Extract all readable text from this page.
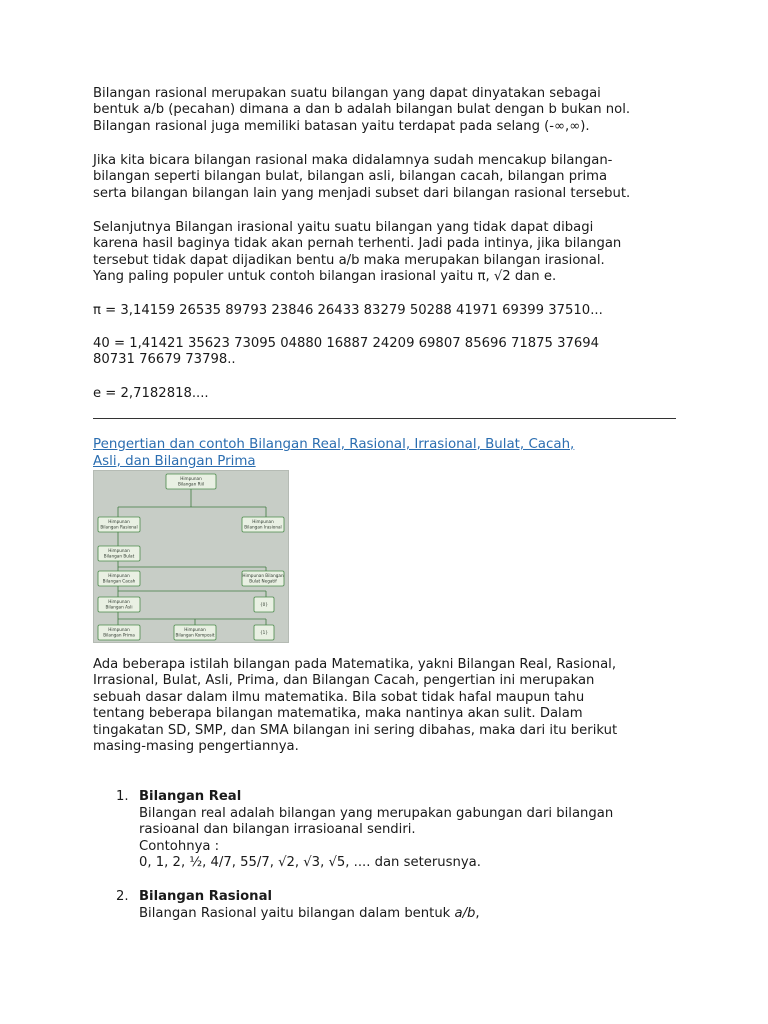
Bilangan rasional merupakan suatu bilangan yang dapat dinyatakan sebagai
bentuk a/b (pecahan) dimana a dan b adalah bilangan bulat dengan b bukan nol.
Bilangan rasional juga memiliki batasan yaitu terdapat pada selang (-∞,∞).

Jika kita bicara bilangan rasional maka didalamnya sudah mencakup bilangan-
bilangan seperti bilangan bulat, bilangan asli, bilangan cacah, bilangan prima
serta bilangan bilangan lain yang menjadi subset dari bilangan rasional tersebut.

Selanjutnya Bilangan irasional yaitu suatu bilangan yang tidak dapat dibagi
karena hasil baginya tidak akan pernah terhenti. Jadi pada intinya, jika bilangan
tersebut tidak dapat dijadikan bentu a/b maka merupakan bilangan irasional.
Yang paling populer untuk contoh bilangan irasional yaitu π, √2 dan e.

π = 3,14159 26535 89793 23846 26433 83279 50288 41971 69399 37510...

40 = 1,41421 35623 73095 04880 16887 24209 69807 85696 71875 37694
80731 76679 73798..

e = 2,7182818....

Pengertian dan contoh Bilangan Real, Rasional, Irrasional, Bulat, Cacah,
Asli, dan Bilangan Prima
Himpunan
Bilangan Riil
Himpunan
Bilangan Rasional
Himpunan
Bilangan Irasional
Himpunan
Bilangan Bulat
Himpunan
Bilangan Cacah
Himpunan Bilangan
Bulat Negatif
Himpunan
Bilangan Asli	{0}
Himpunan
Bilangan Prima
Himpunan
Bilangan Komposit	{1}

Ada beberapa istilah bilangan pada Matematika, yakni Bilangan Real, Rasional,
Irrasional, Bulat, Asli, Prima, dan Bilangan Cacah, pengertian ini merupakan
sebuah dasar dalam ilmu matematika. Bila sobat tidak hafal maupun tahu
tentang beberapa bilangan matematika, maka nantinya akan sulit. Dalam
tingakatan SD, SMP, dan SMA bilangan ini sering dibahas, maka dari itu berikut
masing-masing pengertiannya.

1. Bilangan Real
Bilangan real adalah bilangan yang merupakan gabungan dari bilangan
rasioanal dan bilangan irrasioanal sendiri.
Contohnya :
0, 1, 2, ½, 4/7, 55/7, √2, √3, √5, .... dan seterusnya.
2. Bilangan Rasional
Bilangan Rasional yaitu bilangan dalam bentuk a/b,
